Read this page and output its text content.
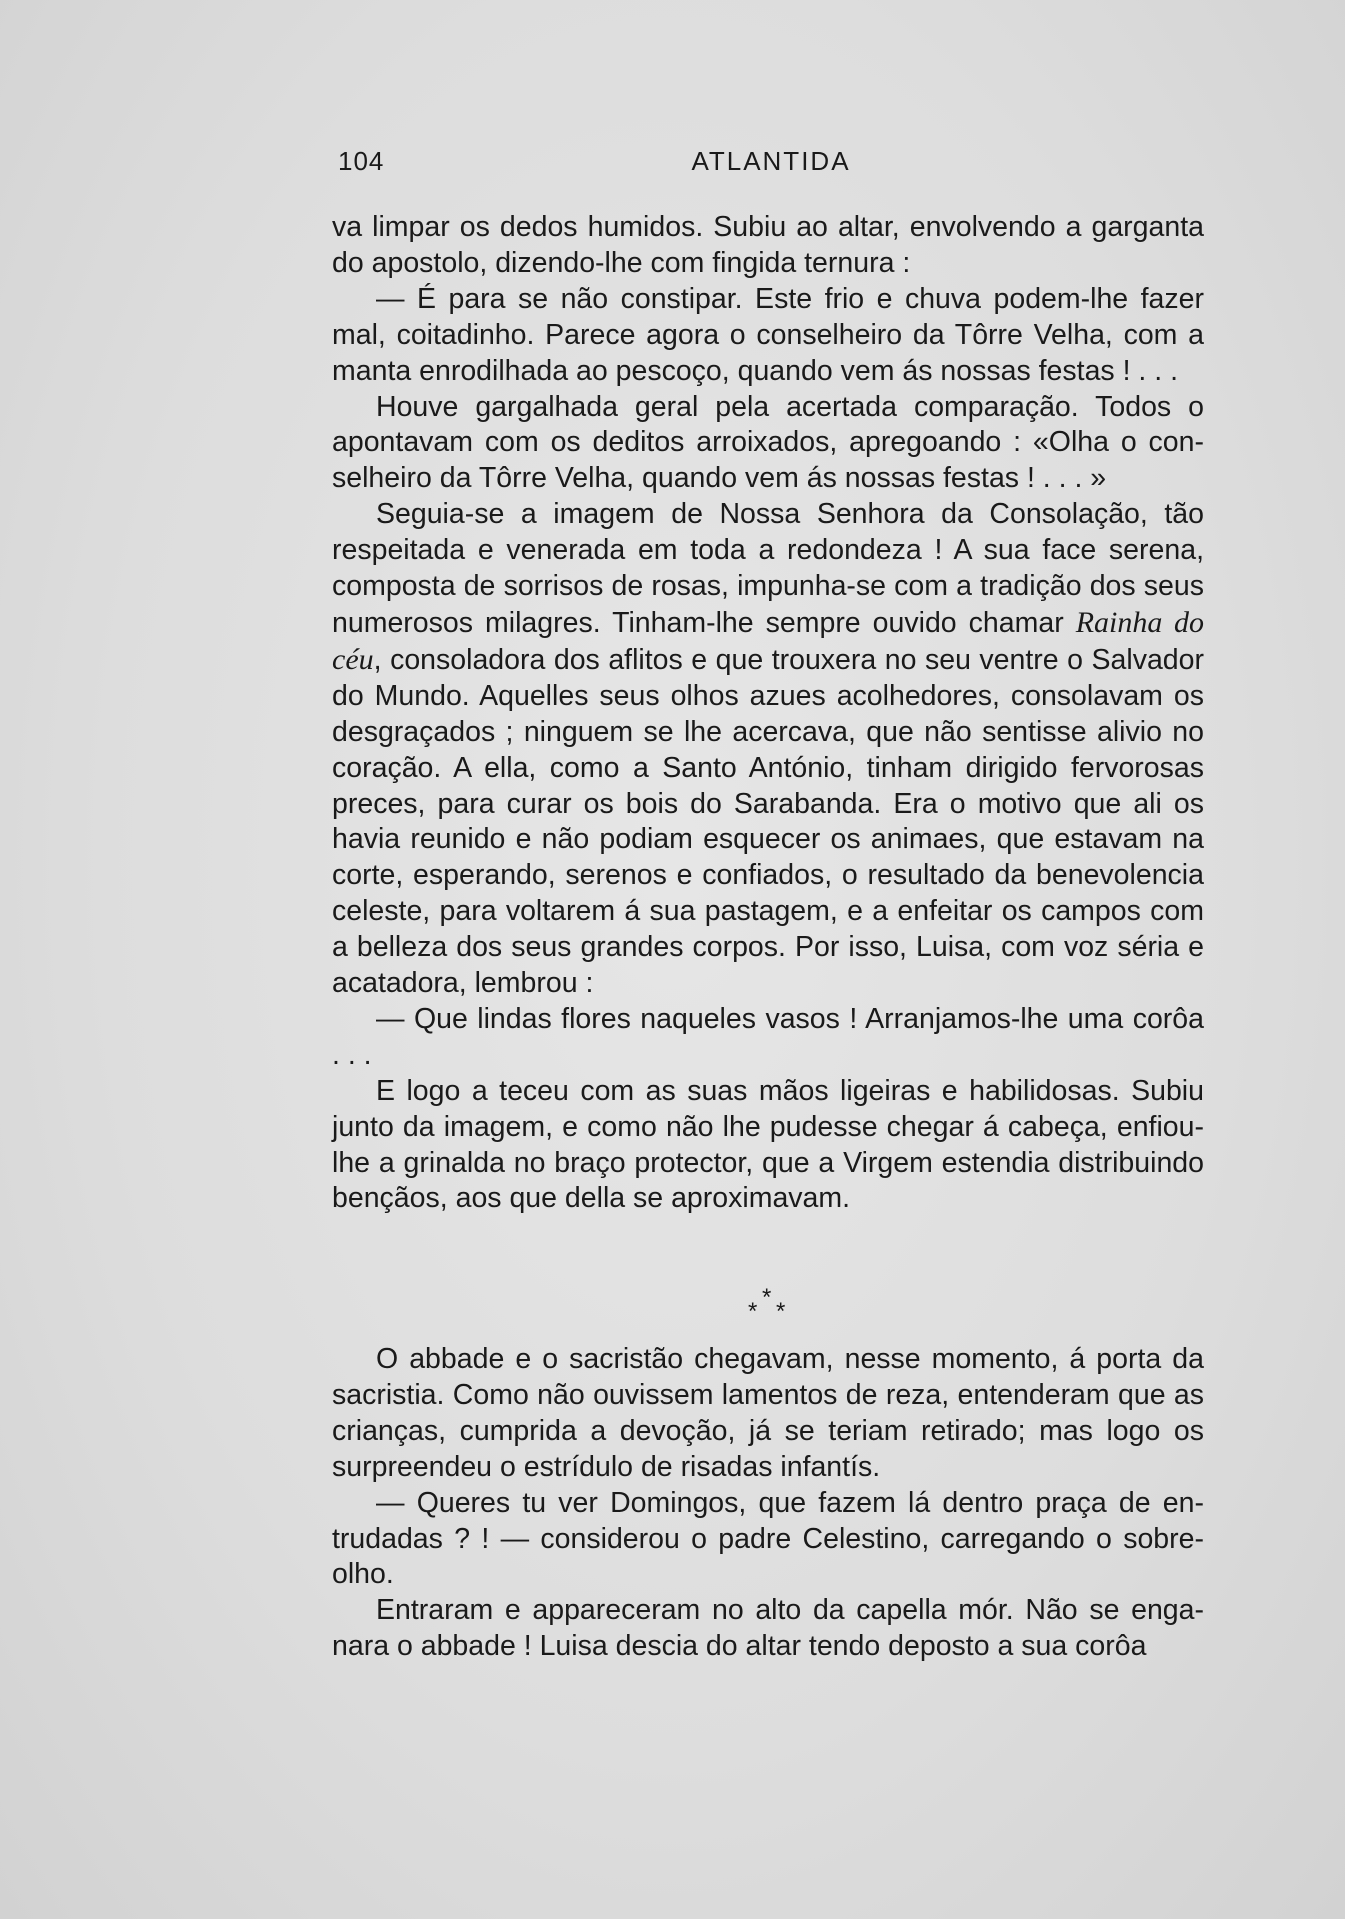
104	ATLANTIDA

va limpar os dedos humidos. Subiu ao altar, envolvendo a garganta do apostolo, dizendo-lhe com fingida ternura :

— É para se não constipar. Este frio e chuva podem-lhe fazer mal, coitadinho. Parece agora o conselheiro da Tôrre Velha, com a manta enrodilhada ao pescoço, quando vem ás nossas festas ! . . .

Houve gargalhada geral pela acertada comparação. Todos o apontavam com os deditos arroixados, apregoando : «Olha o conselheiro da Tôrre Velha, quando vem ás nossas festas ! . . . »

Seguia-se a imagem de Nossa Senhora da Consolação, tão respeitada e venerada em toda a redondeza ! A sua face serena, composta de sorrisos de rosas, impunha-se com a tradição dos seus numerosos milagres. Tinham-lhe sempre ouvido chamar Rainha do céu, consoladora dos aflitos e que trouxera no seu ventre o Salvador do Mundo. Aquelles seus olhos azues acolhedores, consolavam os desgraçados ; ninguem se lhe acercava, que não sentisse alivio no coração. A ella, como a Santo António, tinham dirigido fervorosas preces, para curar os bois do Sarabanda. Era o motivo que ali os havia reunido e não podiam esquecer os animaes, que estavam na corte, esperando, serenos e confiados, o resultado da benevolencia celeste, para voltarem á sua pastagem, e a enfeitar os campos com a belleza dos seus grandes corpos. Por isso, Luisa, com voz séria e acatadora, lembrou :

— Que lindas flores naqueles vasos ! Arranjamos-lhe uma corôa . . .

E logo a teceu com as suas mãos ligeiras e habilidosas. Subiu junto da imagem, e como não lhe pudesse chegar á cabeça, enfiou-lhe a grinalda no braço protector, que a Virgem estendia distribuindo bençãos, aos que della se aproximavam.

*
* *

O abbade e o sacristão chegavam, nesse momento, á porta da sacristia. Como não ouvissem lamentos de reza, entenderam que as crianças, cumprida a devoção, já se teriam retirado; mas logo os surpreendeu o estrídulo de risadas infantís.

— Queres tu ver Domingos, que fazem lá dentro praça de entrudadas ? ! — considerou o padre Celestino, carregando o sobreolho.

Entraram e appareceram no alto da capella mór. Não se enganara o abbade ! Luisa descia do altar tendo deposto a sua corôa
